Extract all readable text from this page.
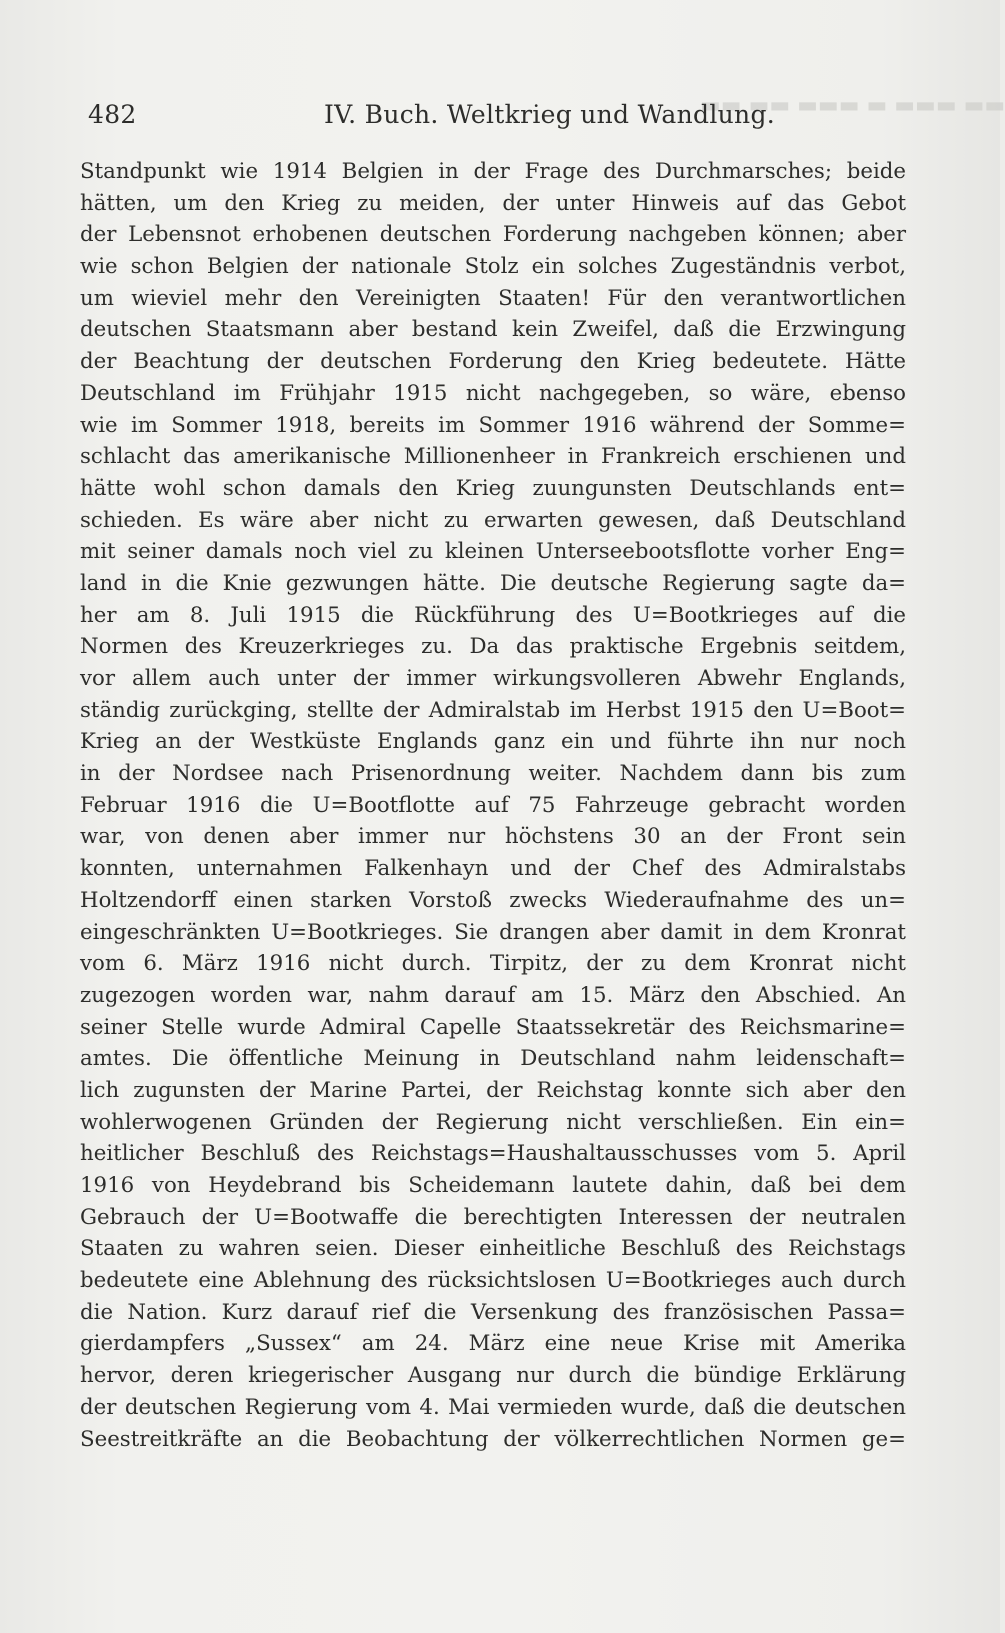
▬▬ ▬▬ ▬▬▬ ▬ ▬▬▬ ▬▬
482	IV. Buch. Weltkrieg und Wandlung.
Standpunkt wie 1914 Belgien in der Frage des Durchmarsches; beide
hätten, um den Krieg zu meiden, der unter Hinweis auf das Gebot
der Lebensnot erhobenen deutschen Forderung nachgeben können; aber
wie schon Belgien der nationale Stolz ein solches Zugeständnis verbot,
um wieviel mehr den Vereinigten Staaten! Für den verantwortlichen
deutschen Staatsmann aber bestand kein Zweifel, daß die Erzwingung
der Beachtung der deutschen Forderung den Krieg bedeutete. Hätte
Deutschland im Frühjahr 1915 nicht nachgegeben, so wäre, ebenso
wie im Sommer 1918, bereits im Sommer 1916 während der Somme=
schlacht das amerikanische Millionenheer in Frankreich erschienen und
hätte wohl schon damals den Krieg zuungunsten Deutschlands ent=
schieden. Es wäre aber nicht zu erwarten gewesen, daß Deutschland
mit seiner damals noch viel zu kleinen Unterseebootsflotte vorher Eng=
land in die Knie gezwungen hätte. Die deutsche Regierung sagte da=
her am 8. Juli 1915 die Rückführung des U=Bootkrieges auf die
Normen des Kreuzerkrieges zu. Da das praktische Ergebnis seitdem,
vor allem auch unter der immer wirkungsvolleren Abwehr Englands,
ständig zurückging, stellte der Admiralstab im Herbst 1915 den U=Boot=
Krieg an der Westküste Englands ganz ein und führte ihn nur noch
in der Nordsee nach Prisenordnung weiter. Nachdem dann bis zum
Februar 1916 die U=Bootflotte auf 75 Fahrzeuge gebracht worden
war, von denen aber immer nur höchstens 30 an der Front sein
konnten, unternahmen Falkenhayn und der Chef des Admiralstabs
Holtzendorff einen starken Vorstoß zwecks Wiederaufnahme des un=
eingeschränkten U=Bootkrieges. Sie drangen aber damit in dem Kronrat
vom 6. März 1916 nicht durch. Tirpitz, der zu dem Kronrat nicht
zugezogen worden war, nahm darauf am 15. März den Abschied. An
seiner Stelle wurde Admiral Capelle Staatssekretär des Reichsmarine=
amtes. Die öffentliche Meinung in Deutschland nahm leidenschaft=
lich zugunsten der Marine Partei, der Reichstag konnte sich aber den
wohlerwogenen Gründen der Regierung nicht verschließen. Ein ein=
heitlicher Beschluß des Reichstags=Haushaltausschusses vom 5. April
1916 von Heydebrand bis Scheidemann lautete dahin, daß bei dem
Gebrauch der U=Bootwaffe die berechtigten Interessen der neutralen
Staaten zu wahren seien. Dieser einheitliche Beschluß des Reichstags
bedeutete eine Ablehnung des rücksichtslosen U=Bootkrieges auch durch
die Nation. Kurz darauf rief die Versenkung des französischen Passa=
gierdampfers „Sussex“ am 24. März eine neue Krise mit Amerika
hervor, deren kriegerischer Ausgang nur durch die bündige Erklärung
der deutschen Regierung vom 4. Mai vermieden wurde, daß die deutschen
Seestreitkräfte an die Beobachtung der völkerrechtlichen Normen ge=
